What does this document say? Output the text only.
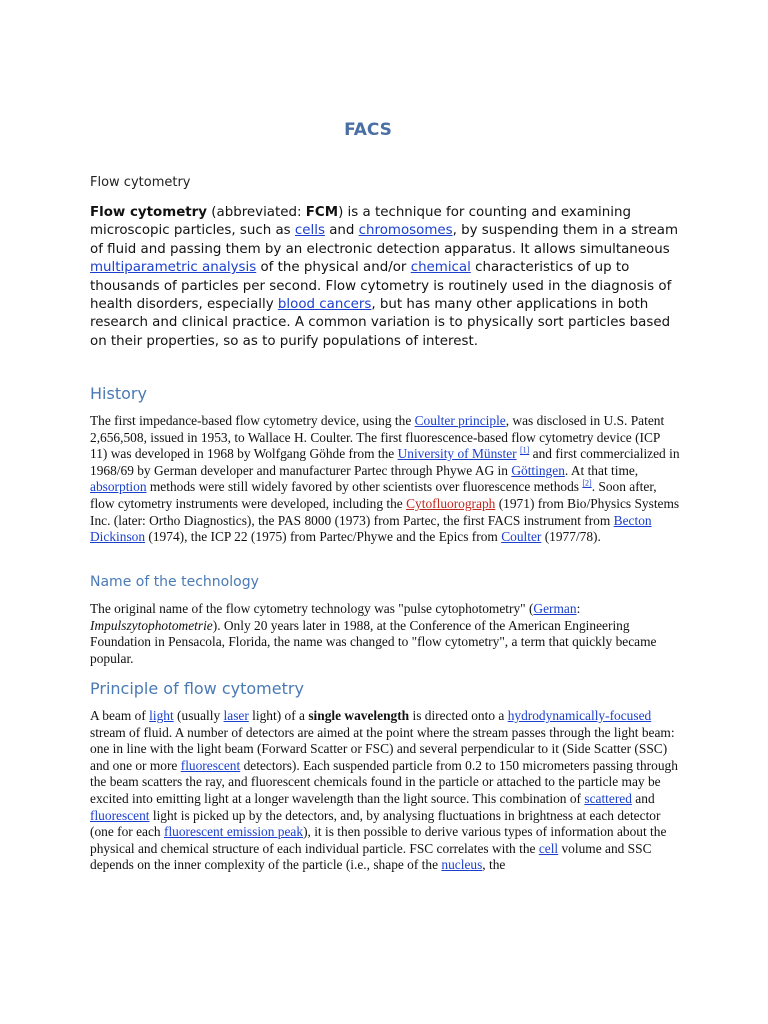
FACS
Flow cytometry

Flow cytometry (abbreviated: FCM) is a technique for counting and examining microscopic particles, such as cells and chromosomes, by suspending them in a stream of fluid and passing them by an electronic detection apparatus. It allows simultaneous multiparametric analysis of the physical and/or chemical characteristics of up to thousands of particles per second. Flow cytometry is routinely used in the diagnosis of health disorders, especially blood cancers, but has many other applications in both research and clinical practice. A common variation is to physically sort particles based on their properties, so as to purify populations of interest.

History

The first impedance-based flow cytometry device, using the Coulter principle, was disclosed in U.S. Patent 2,656,508, issued in 1953, to Wallace H. Coulter. The first fluorescence-based flow cytometry device (ICP 11) was developed in 1968 by Wolfgang Göhde from the University of Münster [1] and first commercialized in 1968/69 by German developer and manufacturer Partec through Phywe AG in Göttingen. At that time, absorption methods were still widely favored by other scientists over fluorescence methods [2]. Soon after, flow cytometry instruments were developed, including the Cytofluorograph (1971) from Bio/Physics Systems Inc. (later: Ortho Diagnostics), the PAS 8000 (1973) from Partec, the first FACS instrument from Becton Dickinson (1974), the ICP 22 (1975) from Partec/Phywe and the Epics from Coulter (1977/78).

Name of the technology

The original name of the flow cytometry technology was "pulse cytophotometry" (German: Impulszytophotometrie). Only 20 years later in 1988, at the Conference of the American Engineering Foundation in Pensacola, Florida, the name was changed to "flow cytometry", a term that quickly became popular.

Principle of flow cytometry

A beam of light (usually laser light) of a single wavelength is directed onto a hydrodynamically-focused stream of fluid. A number of detectors are aimed at the point where the stream passes through the light beam: one in line with the light beam (Forward Scatter or FSC) and several perpendicular to it (Side Scatter (SSC) and one or more fluorescent detectors). Each suspended particle from 0.2 to 150 micrometers passing through the beam scatters the ray, and fluorescent chemicals found in the particle or attached to the particle may be excited into emitting light at a longer wavelength than the light source. This combination of scattered and fluorescent light is picked up by the detectors, and, by analysing fluctuations in brightness at each detector (one for each fluorescent emission peak), it is then possible to derive various types of information about the physical and chemical structure of each individual particle. FSC correlates with the cell volume and SSC depends on the inner complexity of the particle (i.e., shape of the nucleus, the
